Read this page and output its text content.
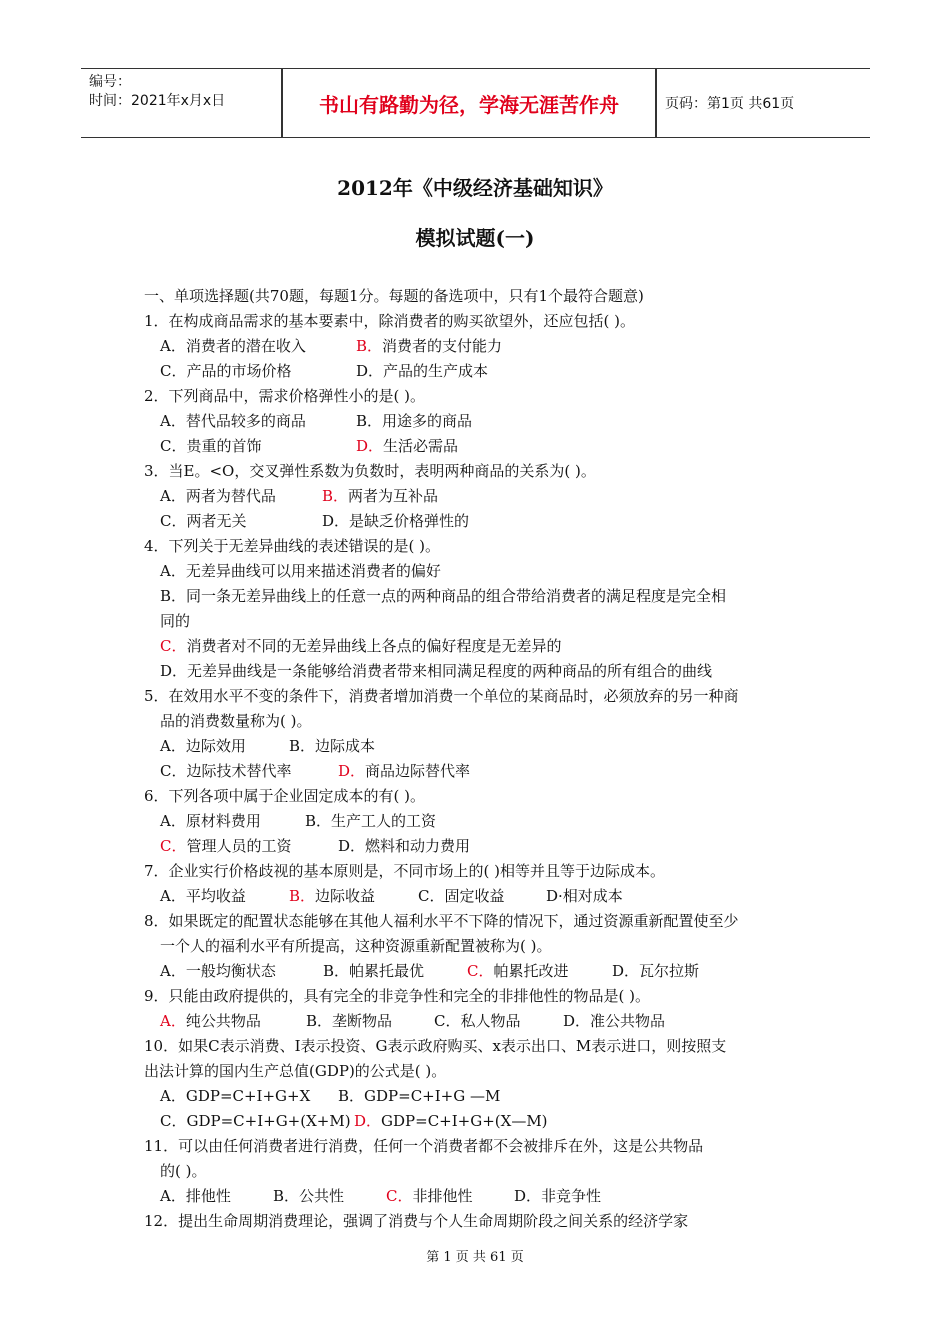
编号：
时间：2021年x月x日	书山有路勤为径，学海无涯苦作舟	页码：第1页 共61页
2012年《中级经济基础知识》
模拟试题(一)
一、单项选择题(共70题，每题1分。每题的备选项中，只有1个最符合题意)
1．在构成商品需求的基本要素中，除消费者的购买欲望外，还应包括( )。
A．消费者的潜在收入	B．消费者的支付能力
C．产品的市场价格	D．产品的生产成本
2．下列商品中，需求价格弹性小的是( )。
A．替代品较多的商品	B．用途多的商品
C．贵重的首饰	D．生活必需品
3．当E。<O，交叉弹性系数为负数时，表明两种商品的关系为( )。
A．两者为替代品	B．两者为互补品
C．两者无关	D．是缺乏价格弹性的
4．下列关于无差异曲线的表述错误的是( )。
A．无差异曲线可以用来描述消费者的偏好
B．同一条无差异曲线上的任意一点的两种商品的组合带给消费者的满足程度是完全相
同的
C．消费者对不同的无差异曲线上各点的偏好程度是无差异的
D．无差异曲线是一条能够给消费者带来相同满足程度的两种商品的所有组合的曲线
5．在效用水平不变的条件下，消费者增加消费一个单位的某商品时，必须放弃的另一种商
品的消费数量称为( )。
A．边际效用	B．边际成本
C．边际技术替代率	D．商品边际替代率
6．下列各项中属于企业固定成本的有( )。
A．原材料费用	B．生产工人的工资
C．管理人员的工资	D．燃料和动力费用
7．企业实行价格歧视的基本原则是，不同市场上的( )相等并且等于边际成本。
A．平均收益	B．边际收益	C．固定收益	D·相对成本
8．如果既定的配置状态能够在其他人福利水平不下降的情况下，通过资源重新配置使至少
一个人的福利水平有所提高，这种资源重新配置被称为( )。
A．一般均衡状态	B．帕累托最优	C．帕累托改进	D．瓦尔拉斯
9．只能由政府提供的，具有完全的非竞争性和完全的非排他性的物品是( )。
A．纯公共物品	B．垄断物品	C．私人物品	D．准公共物品
10．如果C表示消费、I表示投资、G表示政府购买、x表示出口、M表示进口，则按照支
出法计算的国内生产总值(GDP)的公式是( )。
A．GDP=C+I+G+X B．GDP=C+I+G —M
C．GDP=C+I+G+(X+M) D．GDP=C+I+G+(X—M)
11．可以由任何消费者进行消费，任何一个消费者都不会被排斥在外，这是公共物品
的( )。
A．排他性	B．公共性	C．非排他性	D．非竞争性
12．提出生命周期消费理论，强调了消费与个人生命周期阶段之间关系的经济学家
第 1 页 共 61 页
